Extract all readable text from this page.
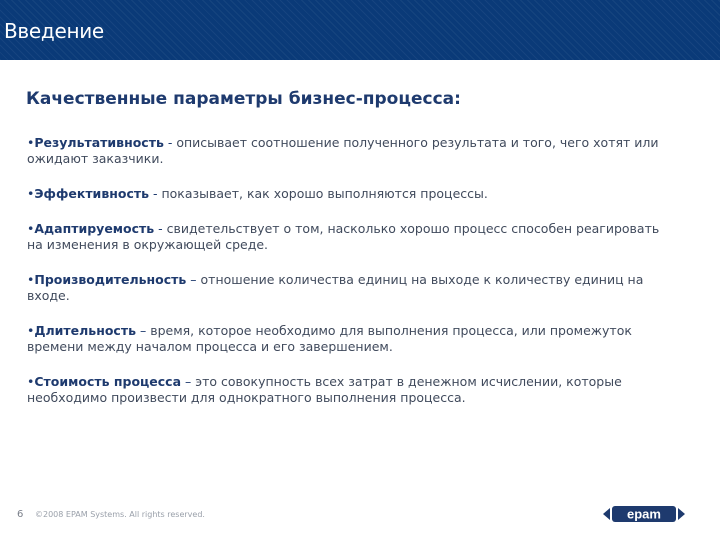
Введение
Качественные параметры бизнес-процесса:
•Результативность - описывает соотношение полученного результата и того, чего хотят или ожидают заказчики.
•Эффективность - показывает, как хорошо выполняются процессы.
•Адаптируемость - свидетельствует о том, насколько хорошо процесс способен реагировать на изменения в окружающей среде.
•Производительность – отношение количества единиц на выходе к количеству единиц на входе.
•Длительность – время, которое необходимо для выполнения процесса, или промежуток времени между началом процесса и его завершением.
•Стоимость процесса – это совокупность всех затрат в денежном исчислении, которые необходимо произвести для однократного выполнения процесса.
6 ©2008 EPAM Systems. All rights reserved.	epam
